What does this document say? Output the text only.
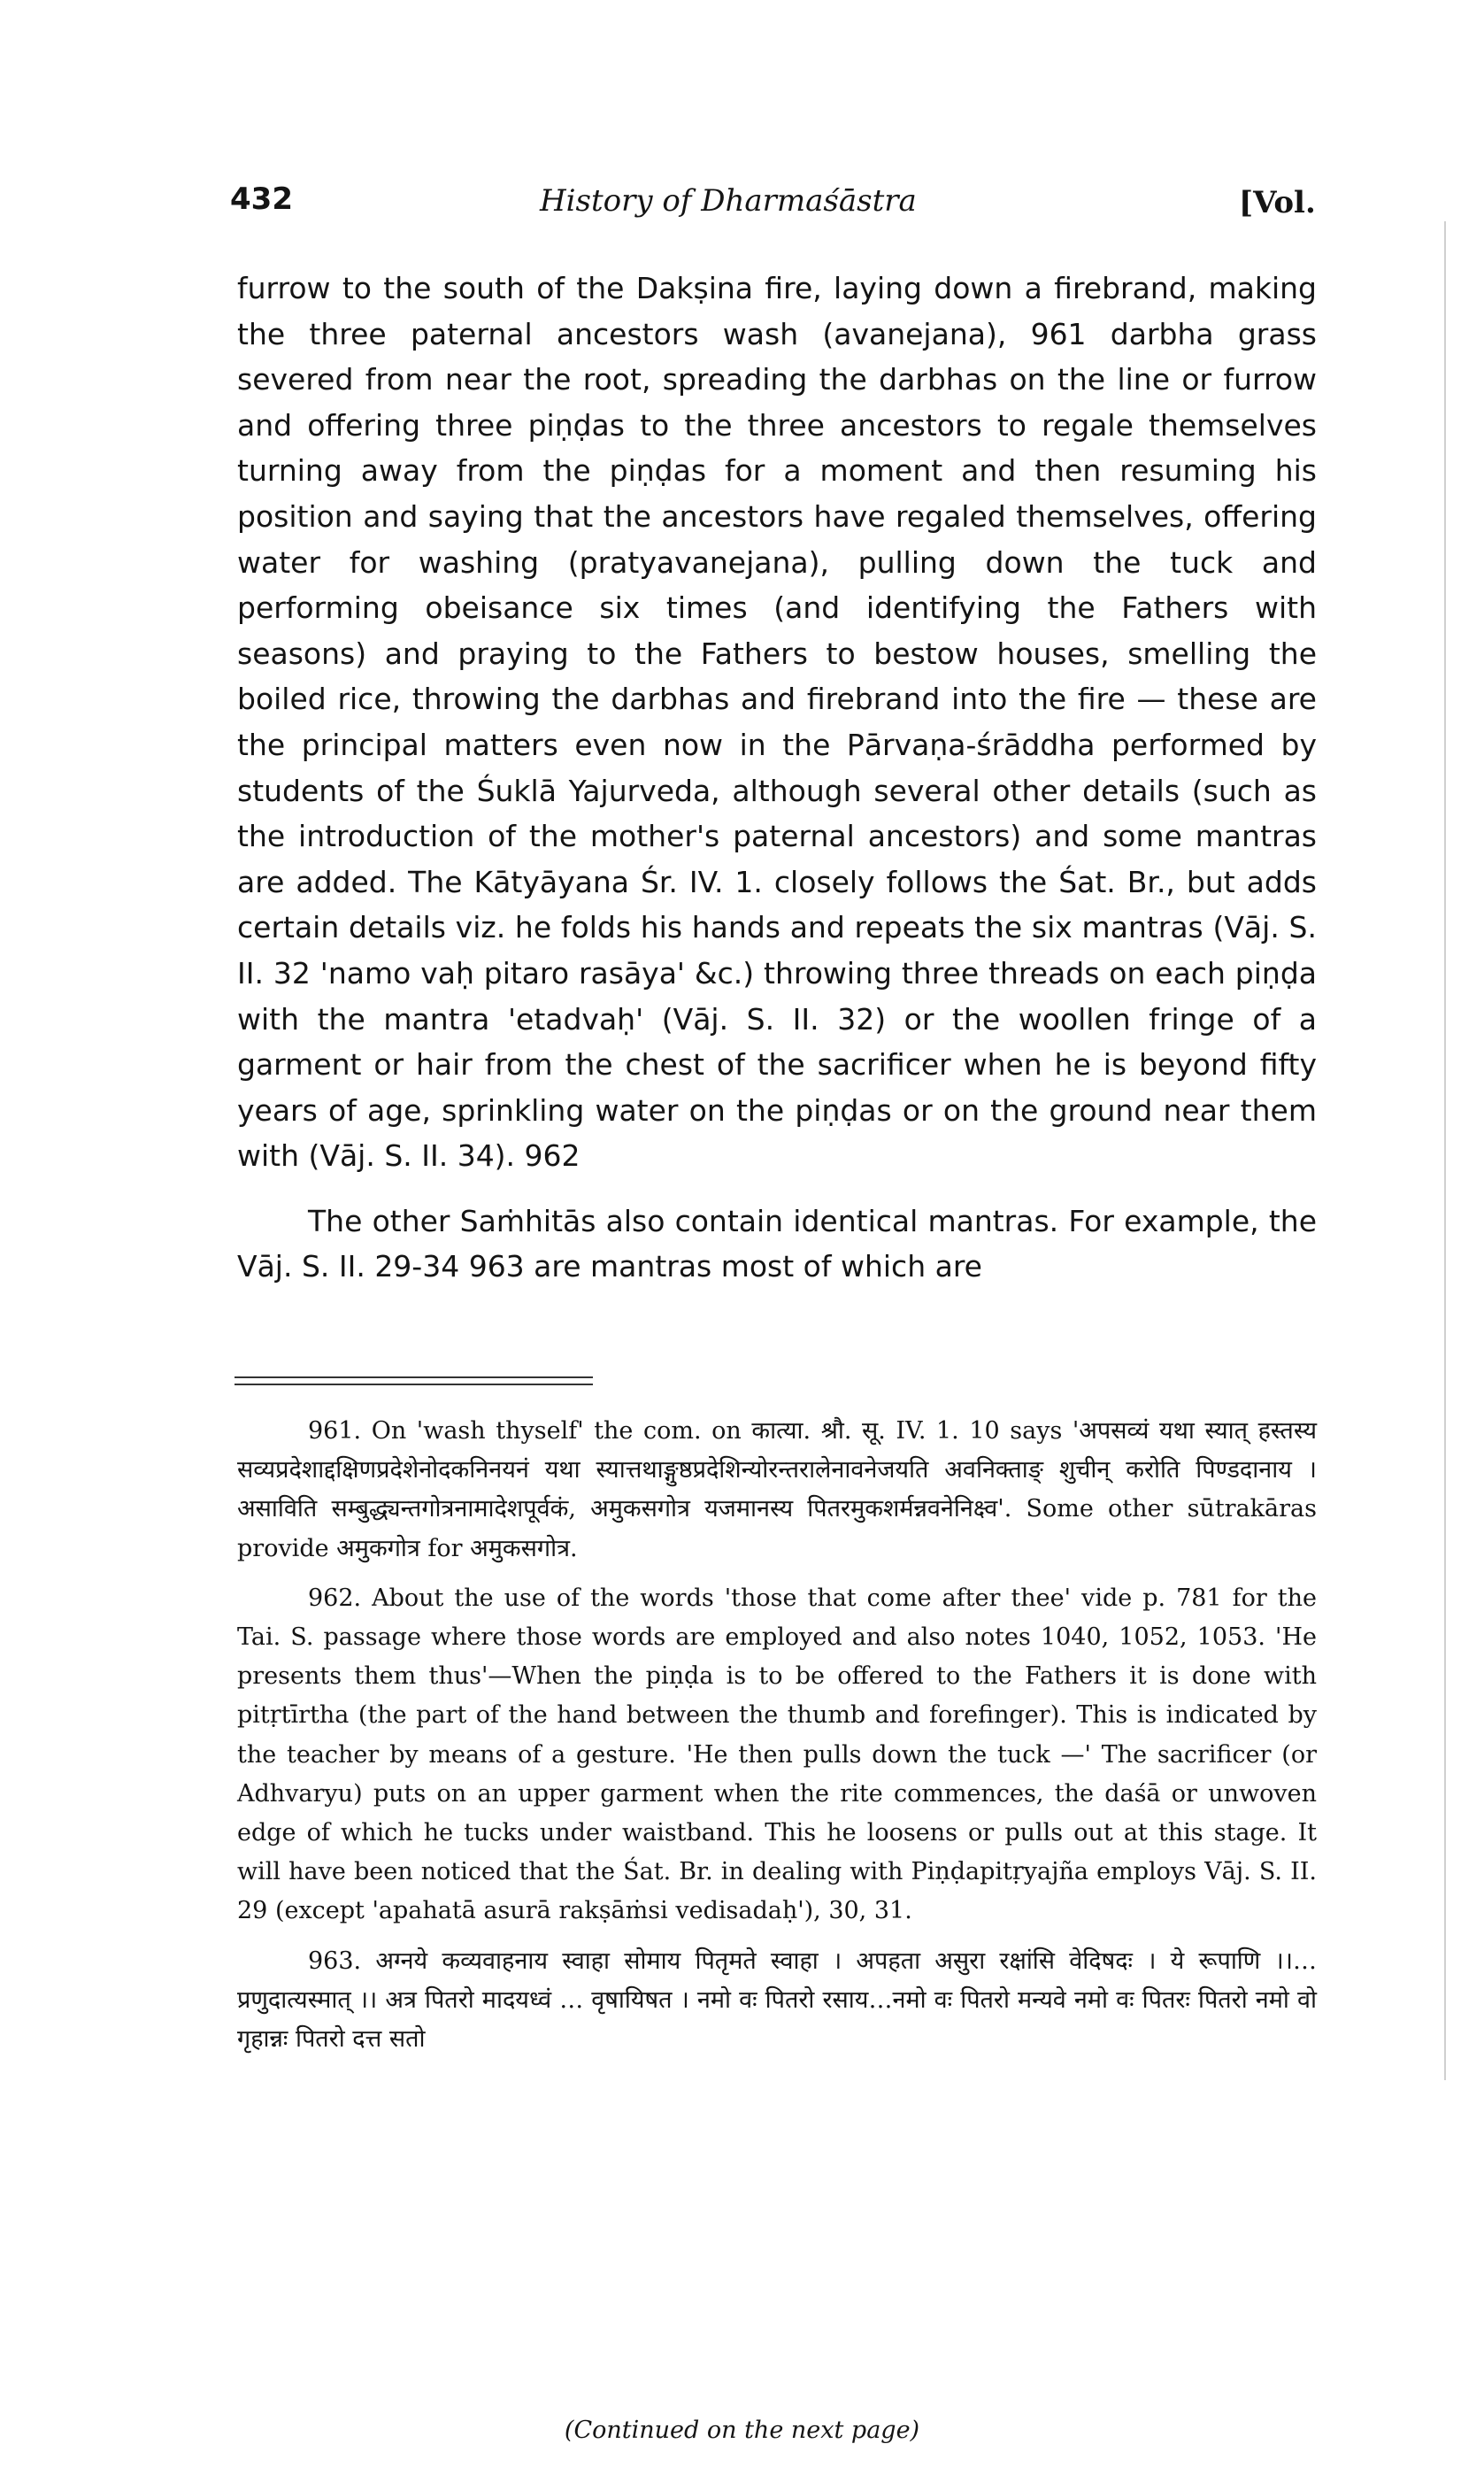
432	History of Dharmaśāstra	[Vol.

furrow to the south of the Dakṣina fire, laying down a firebrand, making the three paternal ancestors wash (avanejana), 961 darbha grass severed from near the root, spreading the darbhas on the line or furrow and offering three piṇḍas to the three ancestors to regale themselves turning away from the piṇḍas for a moment and then resuming his position and saying that the ancestors have regaled themselves, offering water for washing (pratyavanejana), pulling down the tuck and performing obeisance six times (and identifying the Fathers with seasons) and praying to the Fathers to bestow houses, smelling the boiled rice, throwing the darbhas and firebrand into the fire — these are the principal matters even now in the Pārvaṇa-śrāddha performed by students of the Śuklā Yajurveda, although several other details (such as the introduction of the mother's paternal ancestors) and some mantras are added. The Kātyāyana Śr. IV. 1. closely follows the Śat. Br., but adds certain details viz. he folds his hands and repeats the six mantras (Vāj. S. II. 32 'namo vaḥ pitaro rasāya' &c.) throwing three threads on each piṇḍa with the mantra 'etadvaḥ' (Vāj. S. II. 32) or the woollen fringe of a garment or hair from the chest of the sacrificer when he is beyond fifty years of age, sprinkling water on the piṇḍas or on the ground near them with (Vāj. S. II. 34). 962

The other Saṁhitās also contain identical mantras. For example, the Vāj. S. II. 29-34 963 are mantras most of which are

961. On 'wash thyself' the com. on कात्या. श्रौ. सू. IV. 1. 10 says 'अपसव्यं यथा स्यात् हस्तस्य सव्यप्रदेशाद्दक्षिणप्रदेशेनोदकनिनयनं यथा स्यात्तथाङ्गुष्ठप्रदेशिन्योरन्तरालेनावनेजयति अवनिक्ताङ् शुचीन् करोति पिण्डदानाय । असाविति सम्बुद्ध्यन्तगोत्रनामादेशपूर्वकं, अमुकसगोत्र यजमानस्य पितरमुकशर्मन्नवनेनिक्ष्व'. Some other sūtrakāras provide अमुकगोत्र for अमुकसगोत्र.

962. About the use of the words 'those that come after thee' vide p. 781 for the Tai. S. passage where those words are employed and also notes 1040, 1052, 1053. 'He presents them thus'—When the piṇḍa is to be offered to the Fathers it is done with pitṛtīrtha (the part of the hand between the thumb and forefinger). This is indicated by the teacher by means of a gesture. 'He then pulls down the tuck —' The sacrificer (or Adhvaryu) puts on an upper garment when the rite commences, the daśā or unwoven edge of which he tucks under waistband. This he loosens or pulls out at this stage. It will have been noticed that the Śat. Br. in dealing with Piṇḍapitṛyajña employs Vāj. S. II. 29 (except 'apahatā asurā rakṣāṁsi vedisadaḥ'), 30, 31.

963. अग्नये कव्यवाहनाय स्वाहा सोमाय पितृमते स्वाहा । अपहता असुरा रक्षांसि वेदिषदः । ये रूपाणि ।।…प्रणुदात्यस्मात् ।। अत्र पितरो मादयध्वं … वृषायिषत । नमो वः पितरो रसाय…नमो वः पितरो मन्यवे नमो वः पितरः पितरो नमो वो गृहान्नः पितरो दत्त सतो

(Continued on the next page)
